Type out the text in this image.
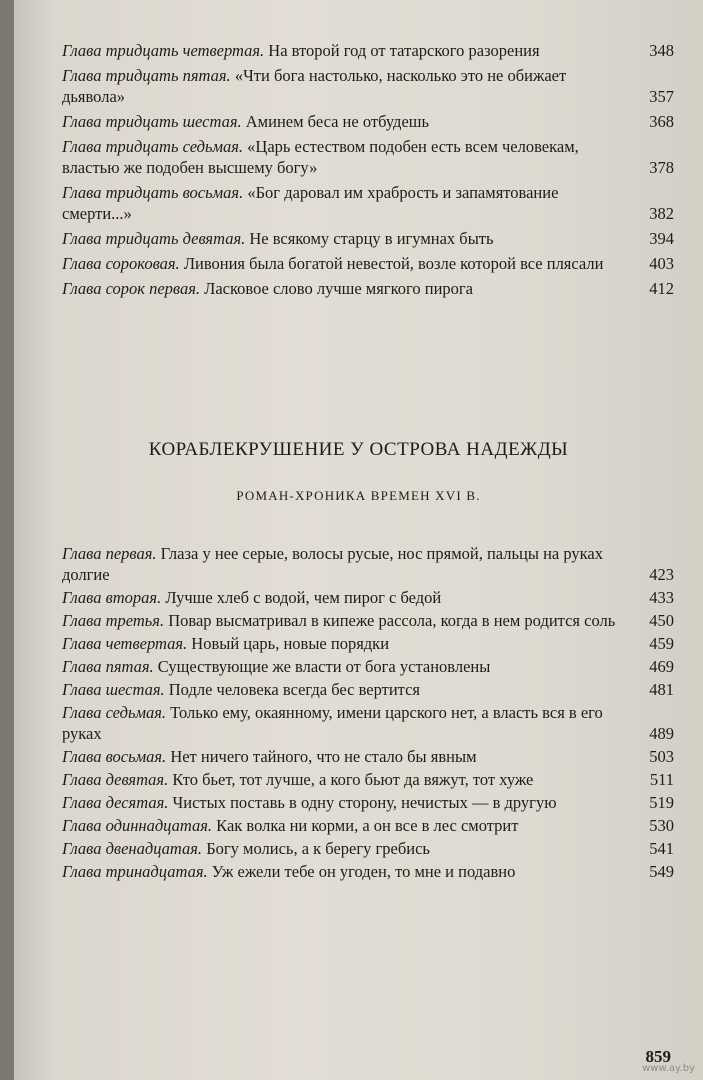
Глава тридцать четвертая. На второй год от татарского разорения	348
Глава тридцать пятая. «Чти бога настолько, насколько это не обижает дьявола»	357
Глава тридцать шестая. Аминем беса не отбудешь	368
Глава тридцать седьмая. «Царь естеством подобен есть всем человекам, властью же подобен высшему богу»	378
Глава тридцать восьмая. «Бог даровал им храбрость и запамятование смерти...»	382
Глава тридцать девятая. Не всякому старцу в игумнах быть	394
Глава сороковая. Ливония была богатой невестой, возле которой все плясали	403
Глава сорок первая. Ласковое слово лучше мягкого пирога	412
КОРАБЛЕКРУШЕНИЕ У ОСТРОВА НАДЕЖДЫ
РОМАН-ХРОНИКА ВРЕМЕН XVI В.
Глава первая. Глаза у нее серые, волосы русые, нос прямой, пальцы на руках долгие	423
Глава вторая. Лучше хлеб с водой, чем пирог с бедой	433
Глава третья. Повар высматривал в кипеже рассола, когда в нем родится соль	450
Глава четвертая. Новый царь, новые порядки	459
Глава пятая. Существующие же власти от бога установлены	469
Глава шестая. Подле человека всегда бес вертится	481
Глава седьмая. Только ему, окаянному, имени царского нет, а власть вся в его руках	489
Глава восьмая. Нет ничего тайного, что не стало бы явным	503
Глава девятая. Кто бьет, тот лучше, а кого бьют да вяжут, тот хуже	511
Глава десятая. Чистых поставь в одну сторону, нечистых — в другую	519
Глава одиннадцатая. Как волка ни корми, а он все в лес смотрит	530
Глава двенадцатая. Богу молись, а к берегу гребись	541
Глава тринадцатая. Уж ежели тебе он угоден, то мне и подавно	549
859
www.ay.by
